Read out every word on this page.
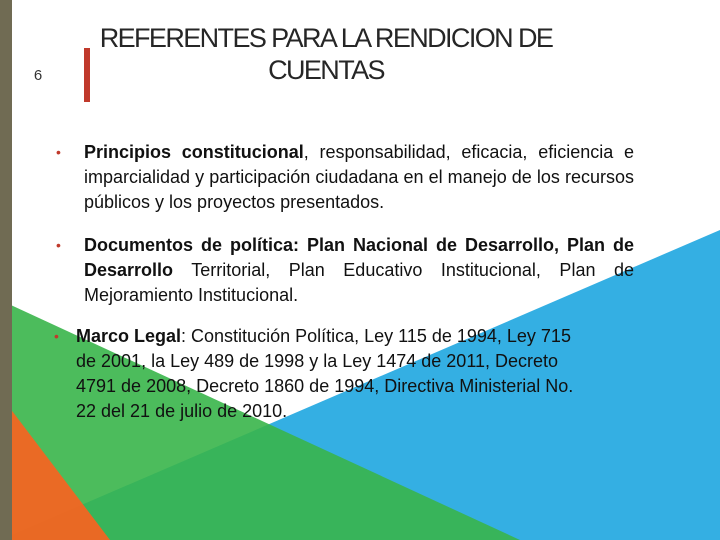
6
REFERENTES PARA LA RENDICION DE CUENTAS
• Principios constitucional, responsabilidad, eficacia, eficiencia e imparcialidad y participación ciudadana en el manejo de los recursos públicos y los proyectos presentados.
• Documentos de política: Plan Nacional de Desarrollo, Plan de Desarrollo Territorial, Plan Educativo Institucional, Plan de Mejoramiento Institucional.
• Marco Legal: Constitución Política, Ley 115 de 1994, Ley 715 de 2001, la Ley 489 de 1998 y la Ley 1474 de 2011, Decreto 4791 de 2008, Decreto 1860 de 1994, Directiva Ministerial No. 22 del 21 de julio de 2010.
